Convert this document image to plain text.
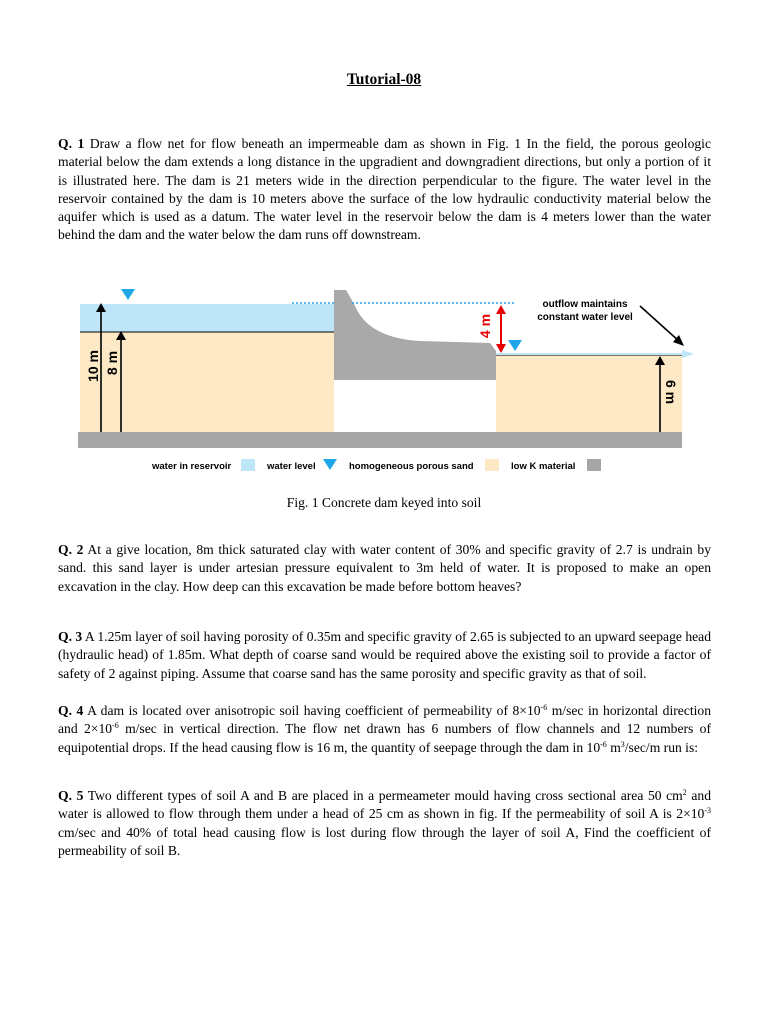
Tutorial-08

Q. 1 Draw a flow net for flow beneath an impermeable dam as shown in Fig. 1 In the field, the porous geologic material below the dam extends a long distance in the upgradient and downgradient directions, but only a portion of it is illustrated here. The dam is 21 meters wide in the direction perpendicular to the figure. The water level in the reservoir contained by the dam is 10 meters above the surface of the low hydraulic conductivity material below the aquifer which is used as a datum. The water level in the reservoir below the dam is 4 meters lower than the water behind the dam and the water below the dam runs off downstream.

10 m 8 m
4 m
6 m
outflow maintains
constant water level
water in reservoir	water level	homogeneous porous sand	low K material
Fig. 1 Concrete dam keyed into soil

Q. 2 At a give location, 8m thick saturated clay with water content of 30% and specific gravity of 2.7 is undrain by sand. this sand layer is under artesian pressure equivalent to 3m held of water. It is proposed to make an open excavation in the clay. How deep can this excavation be made before bottom heaves?

Q. 3 A 1.25m layer of soil having porosity of 0.35m and specific gravity of 2.65 is subjected to an upward seepage head (hydraulic head) of 1.85m. What depth of coarse sand would be required above the existing soil to provide a factor of safety of 2 against piping. Assume that coarse sand has the same porosity and specific gravity as that of soil.

Q. 4 A dam is located over anisotropic soil having coefficient of permeability of $8\times 10^{-6}$ m/sec in horizontal direction and $2\times 10^{-6}$ m/sec in vertical direction. The flow net drawn has 6 numbers of flow channels and 12 numbers of equipotential drops. If the head causing flow is 16 m, the quantity of seepage through the dam in $10^{-6}$ $m^3/\sec/m$ run is:

Q. 5 Two different types of soil A and B are placed in a permeameter mould having cross sectional area 50 $cm^2$ and water is allowed to flow through them under a head of 25 cm as shown in fig. If the permeability of soil A is $2\times 10^{-3}$ cm/sec and 40% of total head causing flow is lost during flow through the layer of soil A, Find the coefficient of permeability of soil B.
